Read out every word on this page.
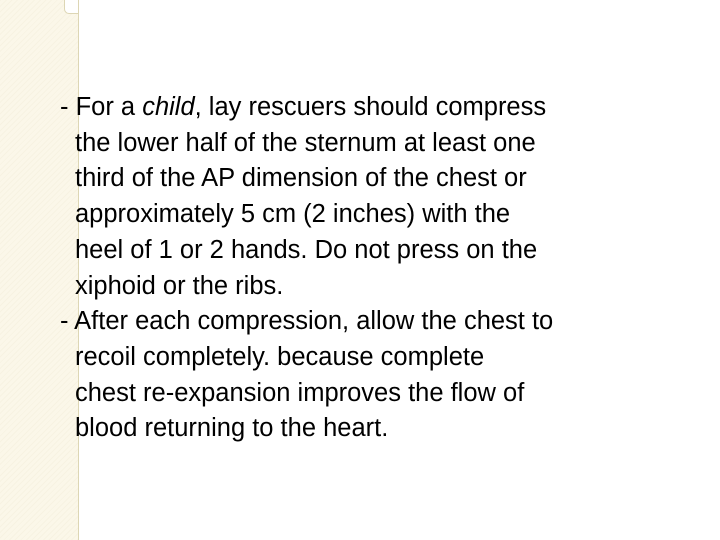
- For a child, lay rescuers should compress

the lower half of the sternum at least one

third of the AP dimension of the chest or

approximately 5 cm (2 inches) with the

heel of 1 or 2 hands. Do not press on the

xiphoid or the ribs.

- After each compression, allow the chest to

recoil completely. because complete

chest re-expansion improves the flow of

blood returning to the heart.
